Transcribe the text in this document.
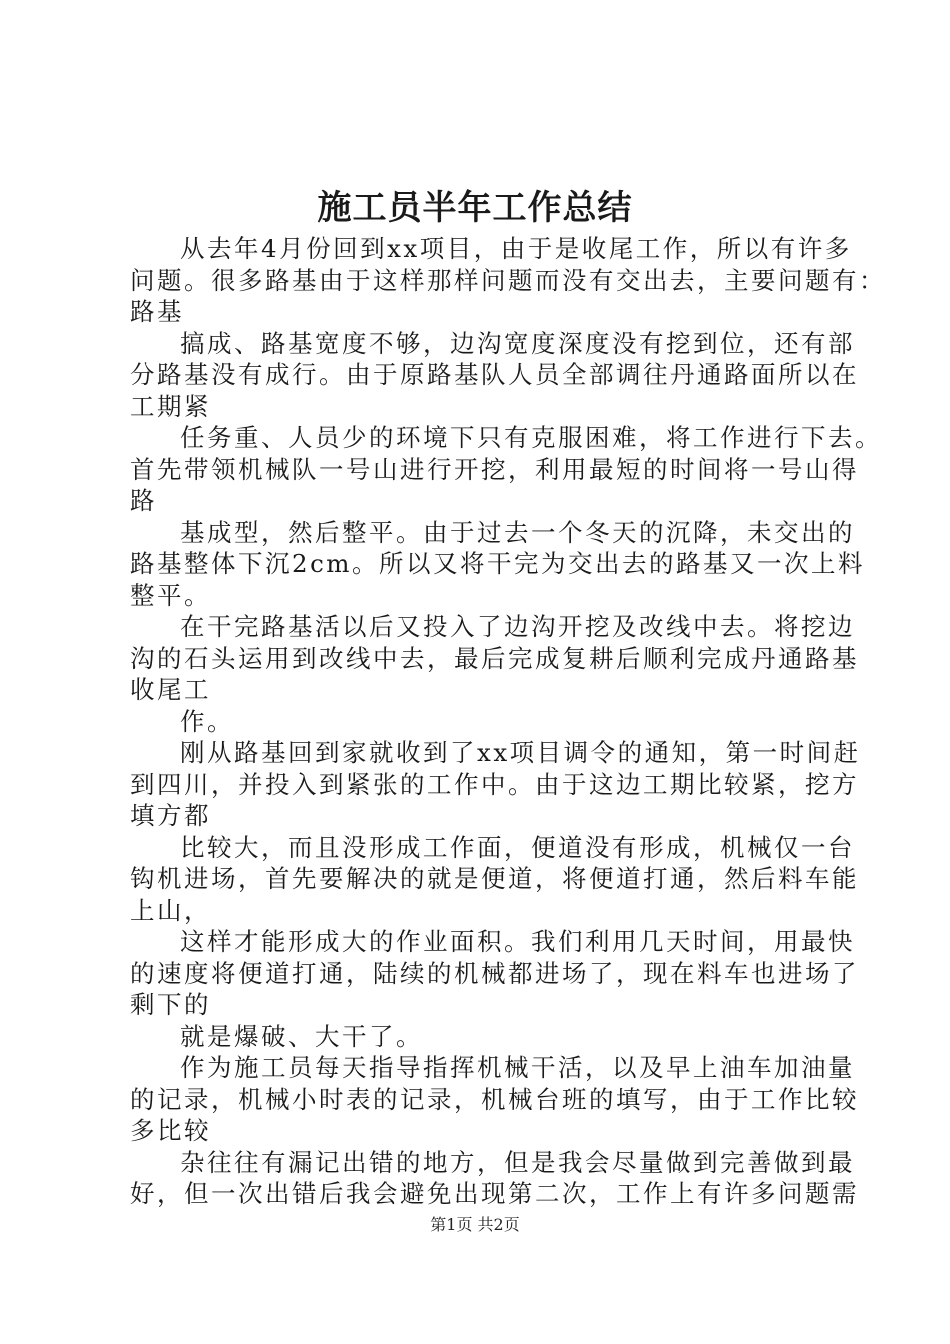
施工员半年工作总结
从去年4月份回到xx项目，由于是收尾工作，所以有许多
问题。很多路基由于这样那样问题而没有交出去，主要问题有：
路基
搞成、路基宽度不够，边沟宽度深度没有挖到位，还有部
分路基没有成行。由于原路基队人员全部调往丹通路面所以在
工期紧
任务重、人员少的环境下只有克服困难，将工作进行下去。
首先带领机械队一号山进行开挖，利用最短的时间将一号山得
路
基成型，然后整平。由于过去一个冬天的沉降，未交出的
路基整体下沉2cm。所以又将干完为交出去的路基又一次上料
整平。
在干完路基活以后又投入了边沟开挖及改线中去。将挖边
沟的石头运用到改线中去，最后完成复耕后顺利完成丹通路基
收尾工
作。
刚从路基回到家就收到了xx项目调令的通知，第一时间赶
到四川，并投入到紧张的工作中。由于这边工期比较紧，挖方
填方都
比较大，而且没形成工作面，便道没有形成，机械仅一台
钩机进场，首先要解决的就是便道，将便道打通，然后料车能
上山，
这样才能形成大的作业面积。我们利用几天时间，用最快
的速度将便道打通，陆续的机械都进场了，现在料车也进场了
剩下的
就是爆破、大干了。
作为施工员每天指导指挥机械干活，以及早上油车加油量
的记录，机械小时表的记录，机械台班的填写，由于工作比较
多比较
杂往往有漏记出错的地方，但是我会尽量做到完善做到最
好，但一次出错后我会避免出现第二次，工作上有许多问题需
第1页 共2页
